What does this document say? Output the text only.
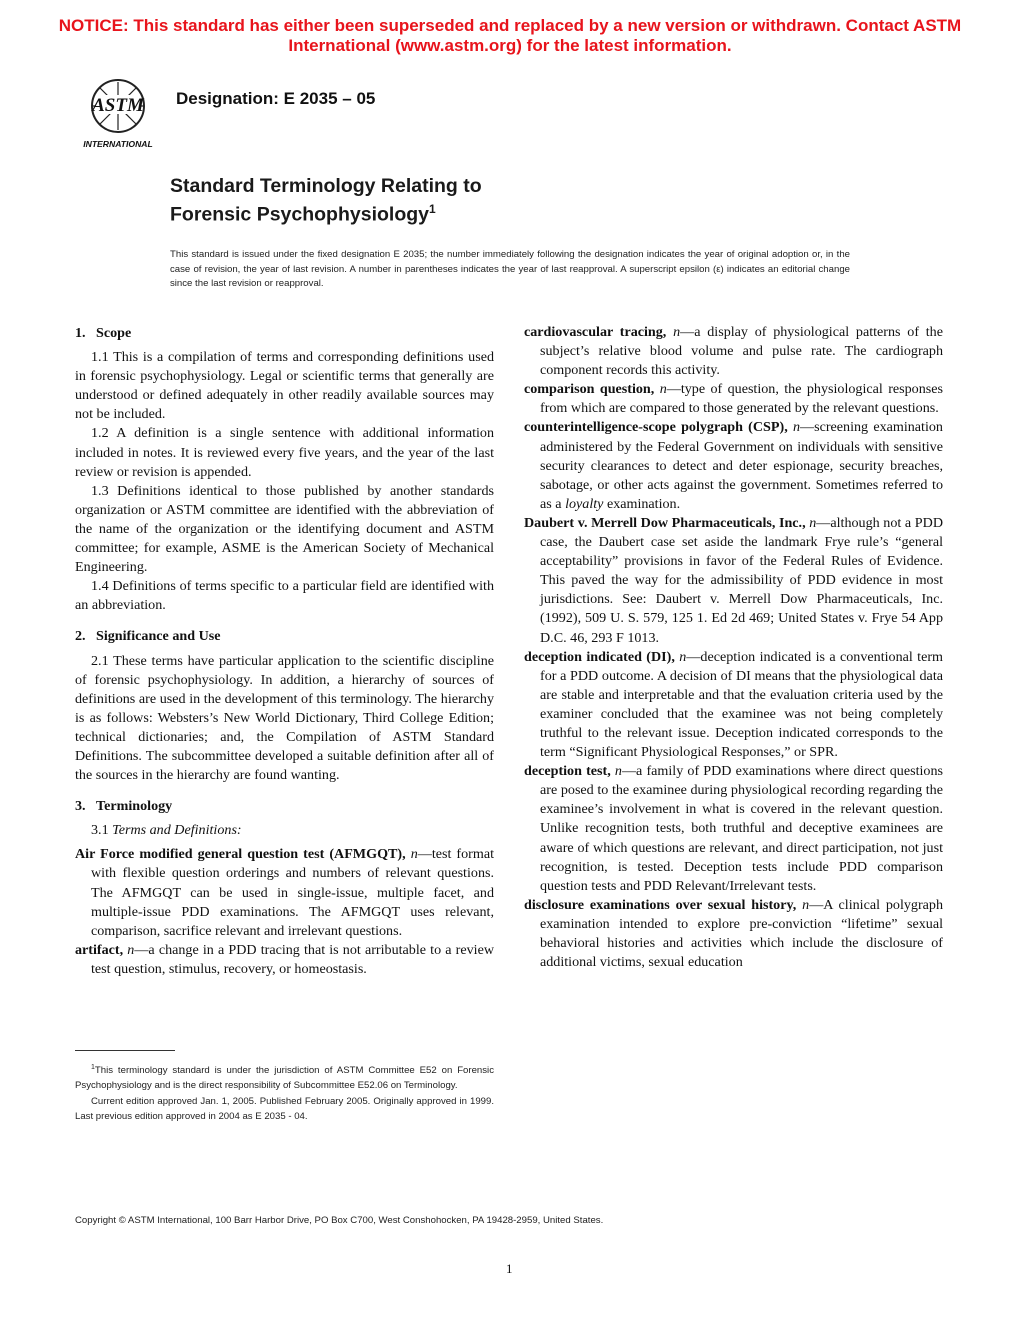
NOTICE: This standard has either been superseded and replaced by a new version or withdrawn. Contact ASTM
International (www.astm.org) for the latest information.
ASTM
INTERNATIONAL
Designation: E 2035 – 05
Standard Terminology Relating to
Forensic Psychophysiology$^1$
This standard is issued under the fixed designation E 2035; the number immediately following the designation indicates the year of original adoption or, in the case of revision, the year of last revision. A number in parentheses indicates the year of last reapproval. A superscript epsilon (ε) indicates an editorial change since the last revision or reapproval.

1. Scope

1.1 This is a compilation of terms and corresponding definitions used in forensic psychophysiology. Legal or scientific terms that generally are understood or defined adequately in other readily available sources may not be included.

1.2 A definition is a single sentence with additional information included in notes. It is reviewed every five years, and the year of the last review or revision is appended.

1.3 Definitions identical to those published by another standards organization or ASTM committee are identified with the abbreviation of the name of the organization or the identifying document and ASTM committee; for example, ASME is the American Society of Mechanical Engineering.

1.4 Definitions of terms specific to a particular field are identified with an abbreviation.

2. Significance and Use

2.1 These terms have particular application to the scientific discipline of forensic psychophysiology. In addition, a hierarchy of sources of definitions are used in the development of this terminology. The hierarchy is as follows: Websters’s New World Dictionary, Third College Edition; technical dictionaries; and, the Compilation of ASTM Standard Definitions. The subcommittee developed a suitable definition after all of the sources in the hierarchy are found wanting.

3. Terminology

3.1 Terms and Definitions:

Air Force modified general question test (AFMGQT), n—test format with flexible question orderings and numbers of relevant questions. The AFMGQT can be used in single-issue, multiple facet, and multiple-issue PDD examinations. The AFMGQT uses relevant, comparison, sacrifice relevant and irrelevant questions.

artifact, n—a change in a PDD tracing that is not arributable to a review test question, stimulus, recovery, or homeostasis.

cardiovascular tracing, n—a display of physiological patterns of the subject’s relative blood volume and pulse rate. The cardiograph component records this activity.

comparison question, n—type of question, the physiological responses from which are compared to those generated by the relevant questions.

counterintelligence-scope polygraph (CSP), n—screening examination administered by the Federal Government on individuals with sensitive security clearances to detect and deter espionage, security breaches, sabotage, or other acts against the government. Sometimes referred to as a loyalty examination.

Daubert v. Merrell Dow Pharmaceuticals, Inc., n—although not a PDD case, the Daubert case set aside the landmark Frye rule’s “general acceptability” provisions in favor of the Federal Rules of Evidence. This paved the way for the admissibility of PDD evidence in most jurisdictions. See: Daubert v. Merrell Dow Pharmaceuticals, Inc. (1992), 509 U. S. 579, 125 1. Ed 2d 469; United States v. Frye 54 App D.C. 46, 293 F 1013.

deception indicated (DI), n—deception indicated is a conventional term for a PDD outcome. A decision of DI means that the physiological data are stable and interpretable and that the evaluation criteria used by the examiner concluded that the examinee was not being completely truthful to the relevant issue. Deception indicated corresponds to the term “Significant Physiological Responses,” or SPR.

deception test, n—a family of PDD examinations where direct questions are posed to the examinee during physiological recording regarding the examinee’s involvement in what is covered in the relevant question. Unlike recognition tests, both truthful and deceptive examinees are aware of which questions are relevant, and direct participation, not just recognition, is tested. Deception tests include PDD comparison question tests and PDD Relevant/Irrelevant tests.

disclosure examinations over sexual history, n—A clinical polygraph examination intended to explore pre-conviction “lifetime” sexual behavioral histories and activities which include the disclosure of additional victims, sexual education

$^1$This terminology standard is under the jurisdiction of ASTM Committee E52 on Forensic Psychophysiology and is the direct responsibility of Subcommittee E52.06 on Terminology.

Current edition approved Jan. 1, 2005. Published February 2005. Originally approved in 1999. Last previous edition approved in 2004 as E 2035 - 04.

Copyright © ASTM International, 100 Barr Harbor Drive, PO Box C700, West Conshohocken, PA 19428-2959, United States.
1
